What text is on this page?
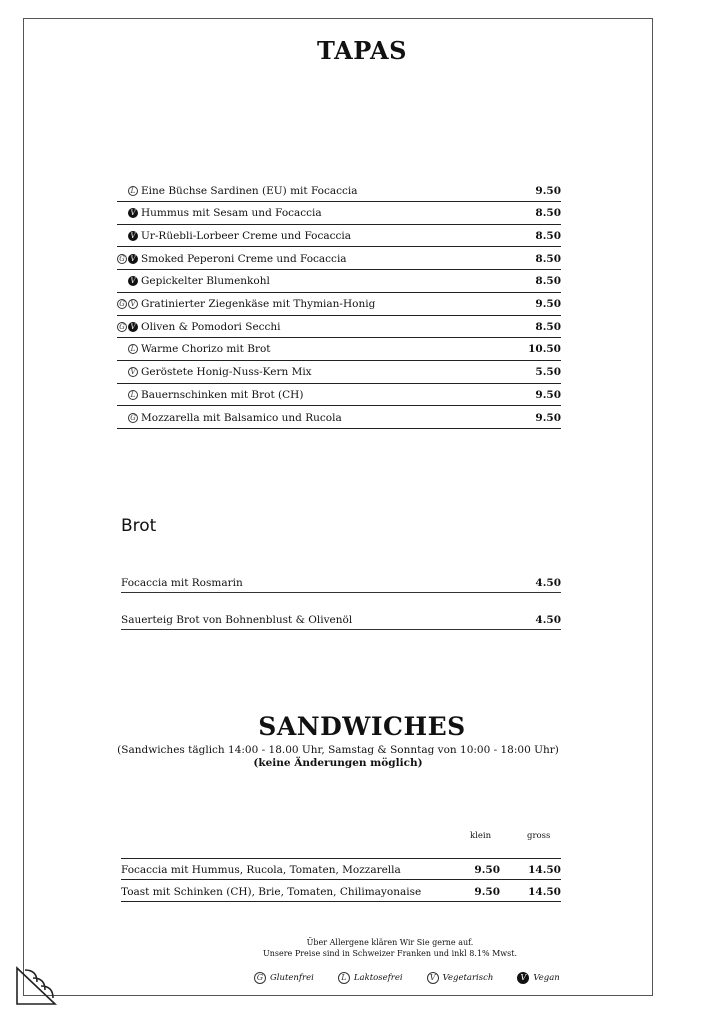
TAPAS
L Eine Büchse Sardinen (EU) mit Focaccia	9.50
V Hummus mit Sesam und Focaccia	8.50
V Ur-Rüebli-Lorbeer Creme und Focaccia	8.50
G V Smoked Peperoni Creme und Focaccia	8.50
V Gepickelter Blumenkohl	8.50
G V Gratinierter Ziegenkäse mit Thymian-Honig	9.50
G V Oliven & Pomodori Secchi	8.50
L Warme Chorizo mit Brot	10.50
V Geröstete Honig-Nuss-Kern Mix	5.50
L Bauernschinken mit Brot (CH)	9.50
G Mozzarella mit Balsamico und Rucola	9.50
Brot
Focaccia mit Rosmarin	4.50
Sauerteig Brot von Bohnenblust & Olivenöl	4.50
SANDWICHES
(Sandwiches täglich 14:00 - 18.00 Uhr, Samstag & Sonntag von 10:00 - 18:00 Uhr)
(keine Änderungen möglich)
klein	gross
Focaccia mit Hummus, Rucola, Tomaten, Mozzarella	9.50	14.50
Toast mit Schinken (CH), Brie, Tomaten, Chilimayonaise	9.50	14.50
Über Allergene klären Wir Sie gerne auf.
Unsere Preise sind in Schweizer Franken und inkl 8.1% Mwst.
G Glutenfrei	L Laktosefrei	V Vegetarisch	V Vegan
